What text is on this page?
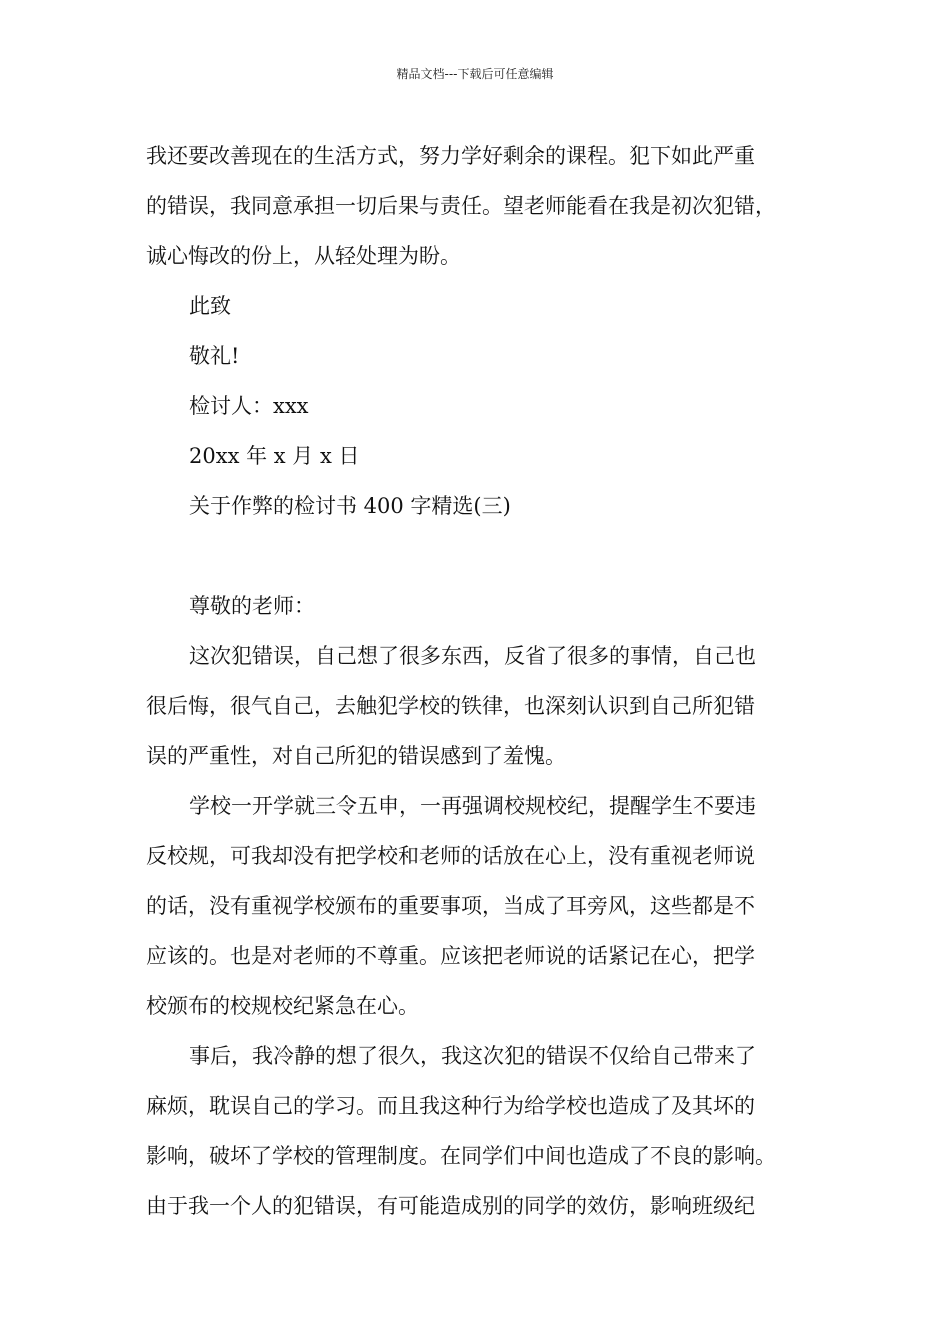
精品文档---下载后可任意编辑
我还要改善现在的生活方式，努力学好剩余的课程。犯下如此严重
的错误，我同意承担一切后果与责任。望老师能看在我是初次犯错，
诚心悔改的份上，从轻处理为盼。
此致
敬礼!
检讨人：xxx
20xx 年 x 月 x 日
关于作弊的检讨书 400 字精选(三)
尊敬的老师：
这次犯错误，自己想了很多东西，反省了很多的事情，自己也
很后悔，很气自己，去触犯学校的铁律，也深刻认识到自己所犯错
误的严重性，对自己所犯的错误感到了羞愧。
学校一开学就三令五申，一再强调校规校纪，提醒学生不要违
反校规，可我却没有把学校和老师的话放在心上，没有重视老师说
的话，没有重视学校颁布的重要事项，当成了耳旁风，这些都是不
应该的。也是对老师的不尊重。应该把老师说的话紧记在心，把学
校颁布的校规校纪紧急在心。
事后，我冷静的想了很久，我这次犯的错误不仅给自己带来了
麻烦，耽误自己的学习。而且我这种行为给学校也造成了及其坏的
影响，破坏了学校的管理制度。在同学们中间也造成了不良的影响。
由于我一个人的犯错误，有可能造成别的同学的效仿，影响班级纪
